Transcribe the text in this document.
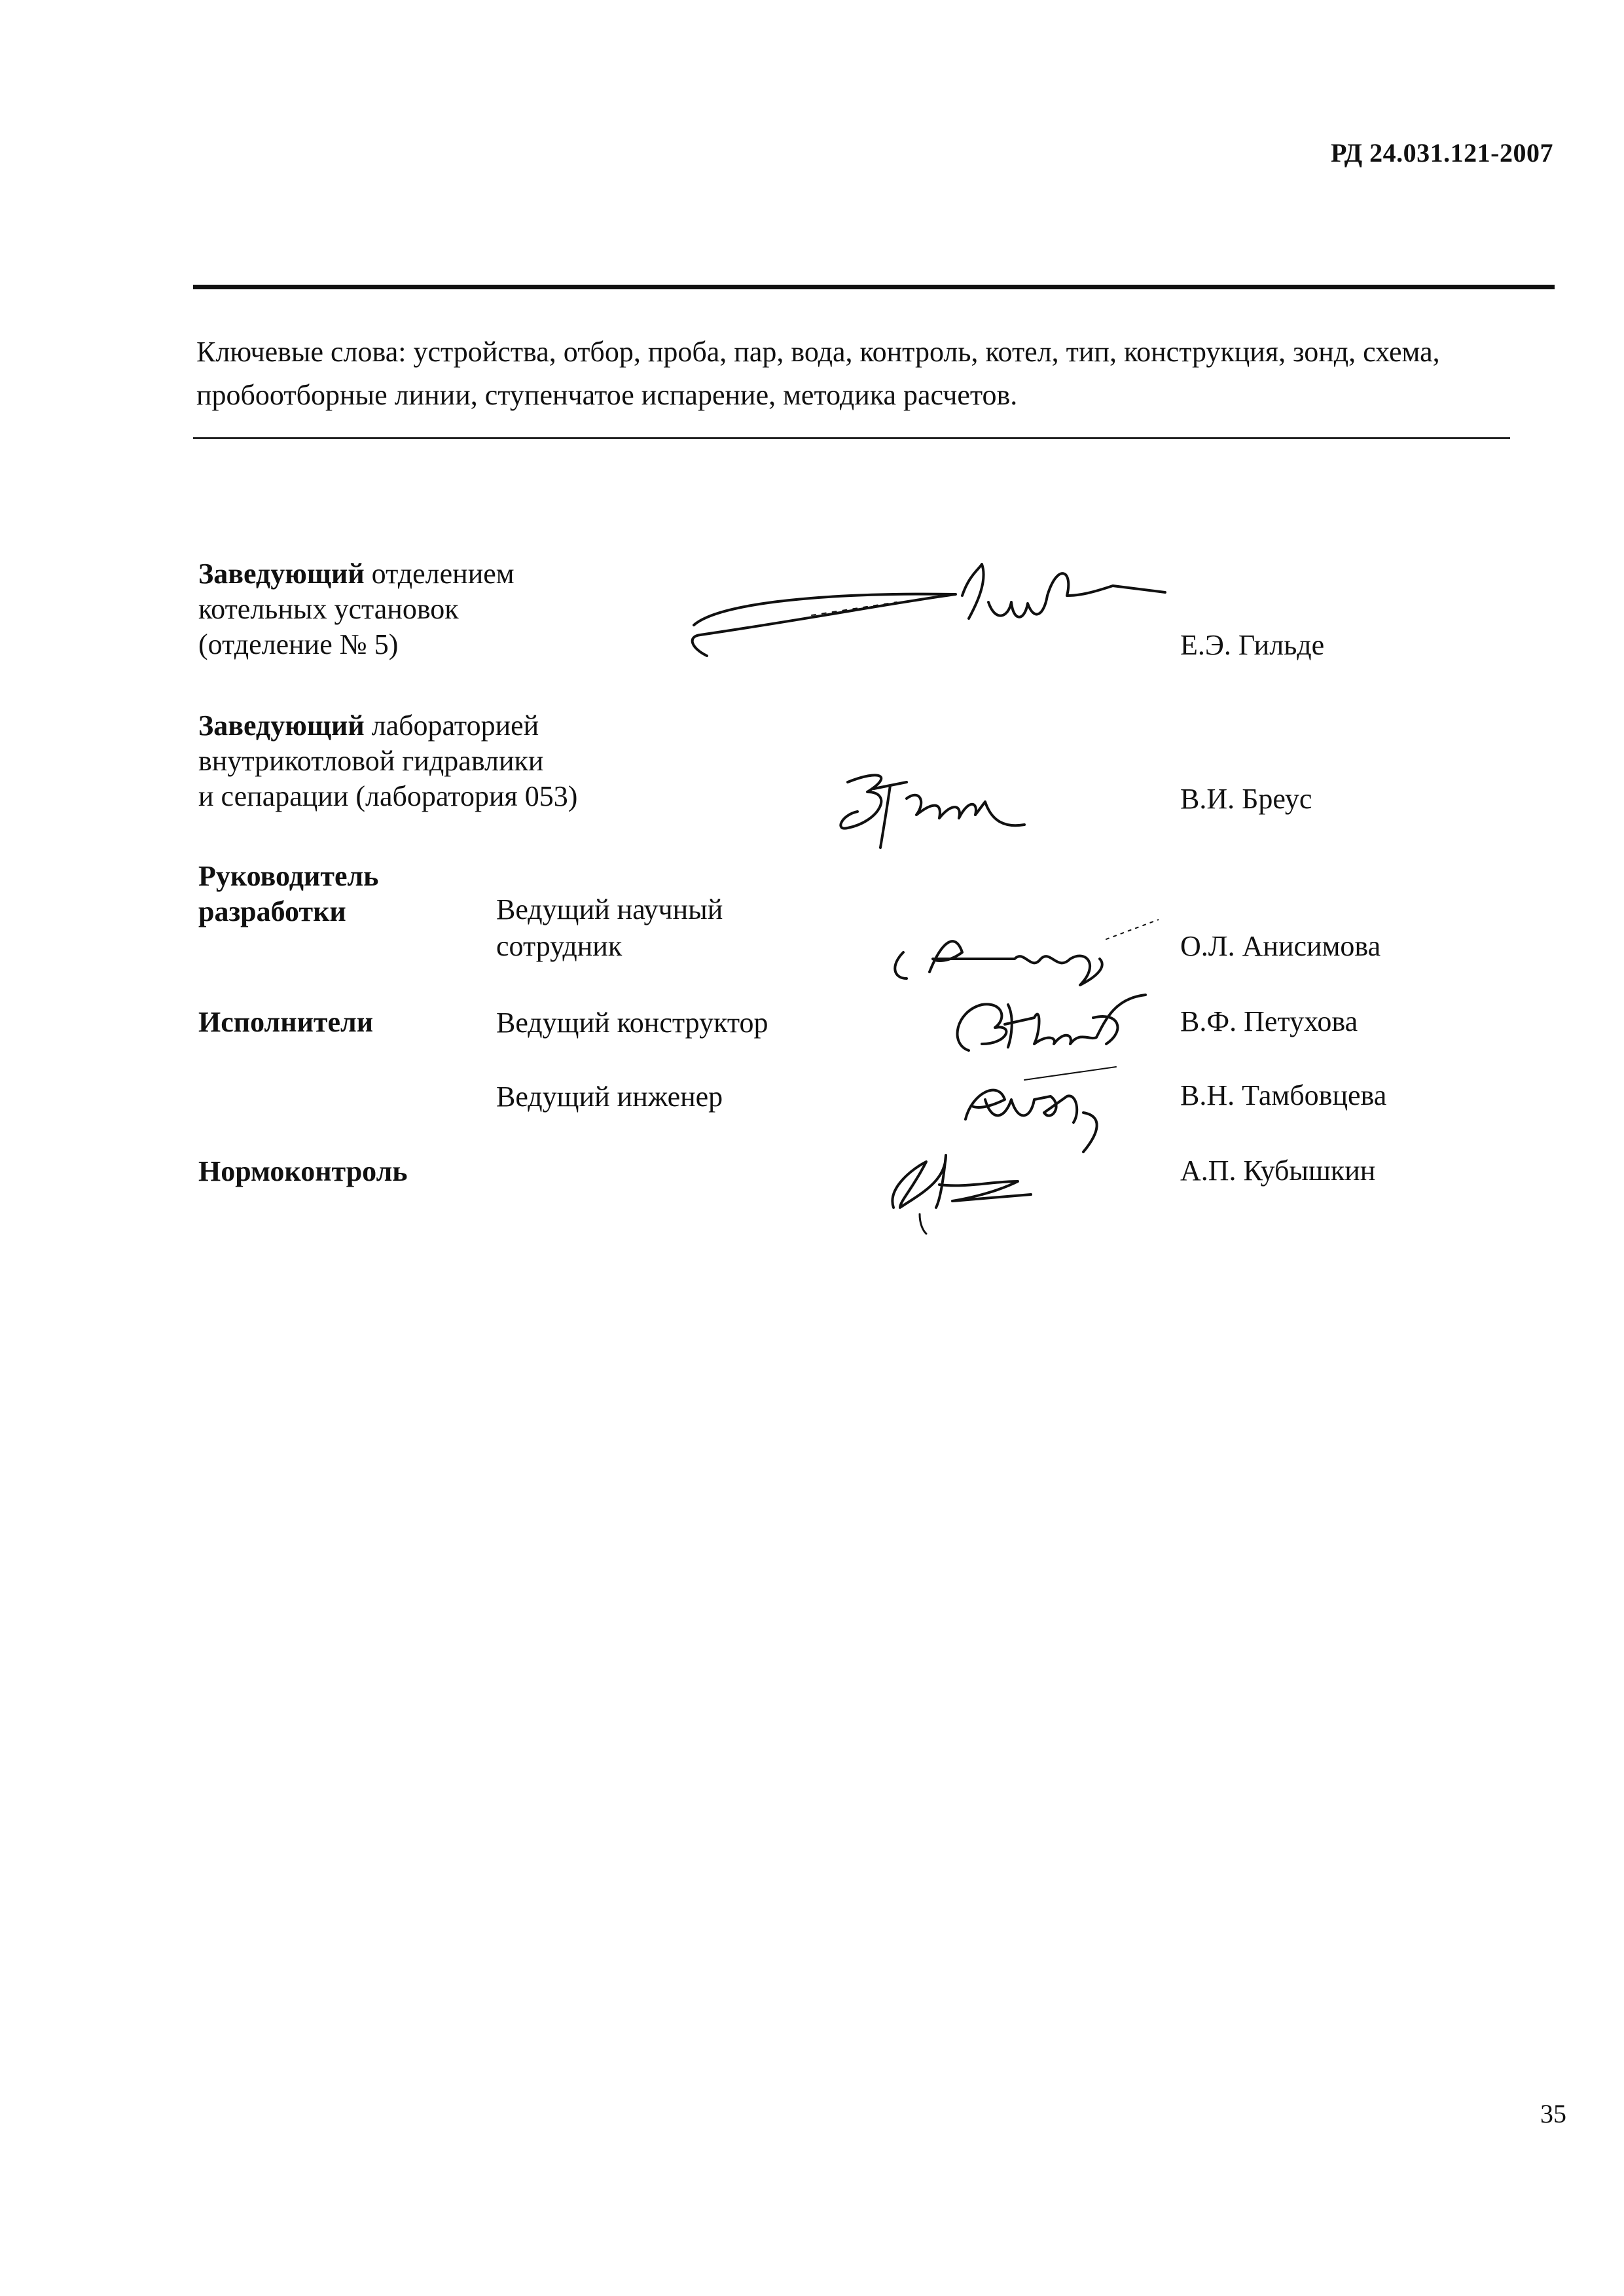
РД 24.031.121-2007
Ключевые слова: устройства, отбор, проба, пар, вода, контроль, котел, тип, конструкция, зонд, схема, пробоотборные линии, ступенчатое испарение, методика расчетов.
Заведующий отделением
котельных установок
(отделение № 5)	Е.Э. Гильде
Заведующий лабораторией
внутрикотловой гидравлики
и сепарации (лаборатория 053)	В.И. Бреус
Руководитель
разработки	Ведущий научный
сотрудник	О.Л. Анисимова
Исполнители	Ведущий конструктор	В.Ф. Петухова
Ведущий инженер	В.Н. Тамбовцева
Нормоконтроль	А.П. Кубышкин
35
